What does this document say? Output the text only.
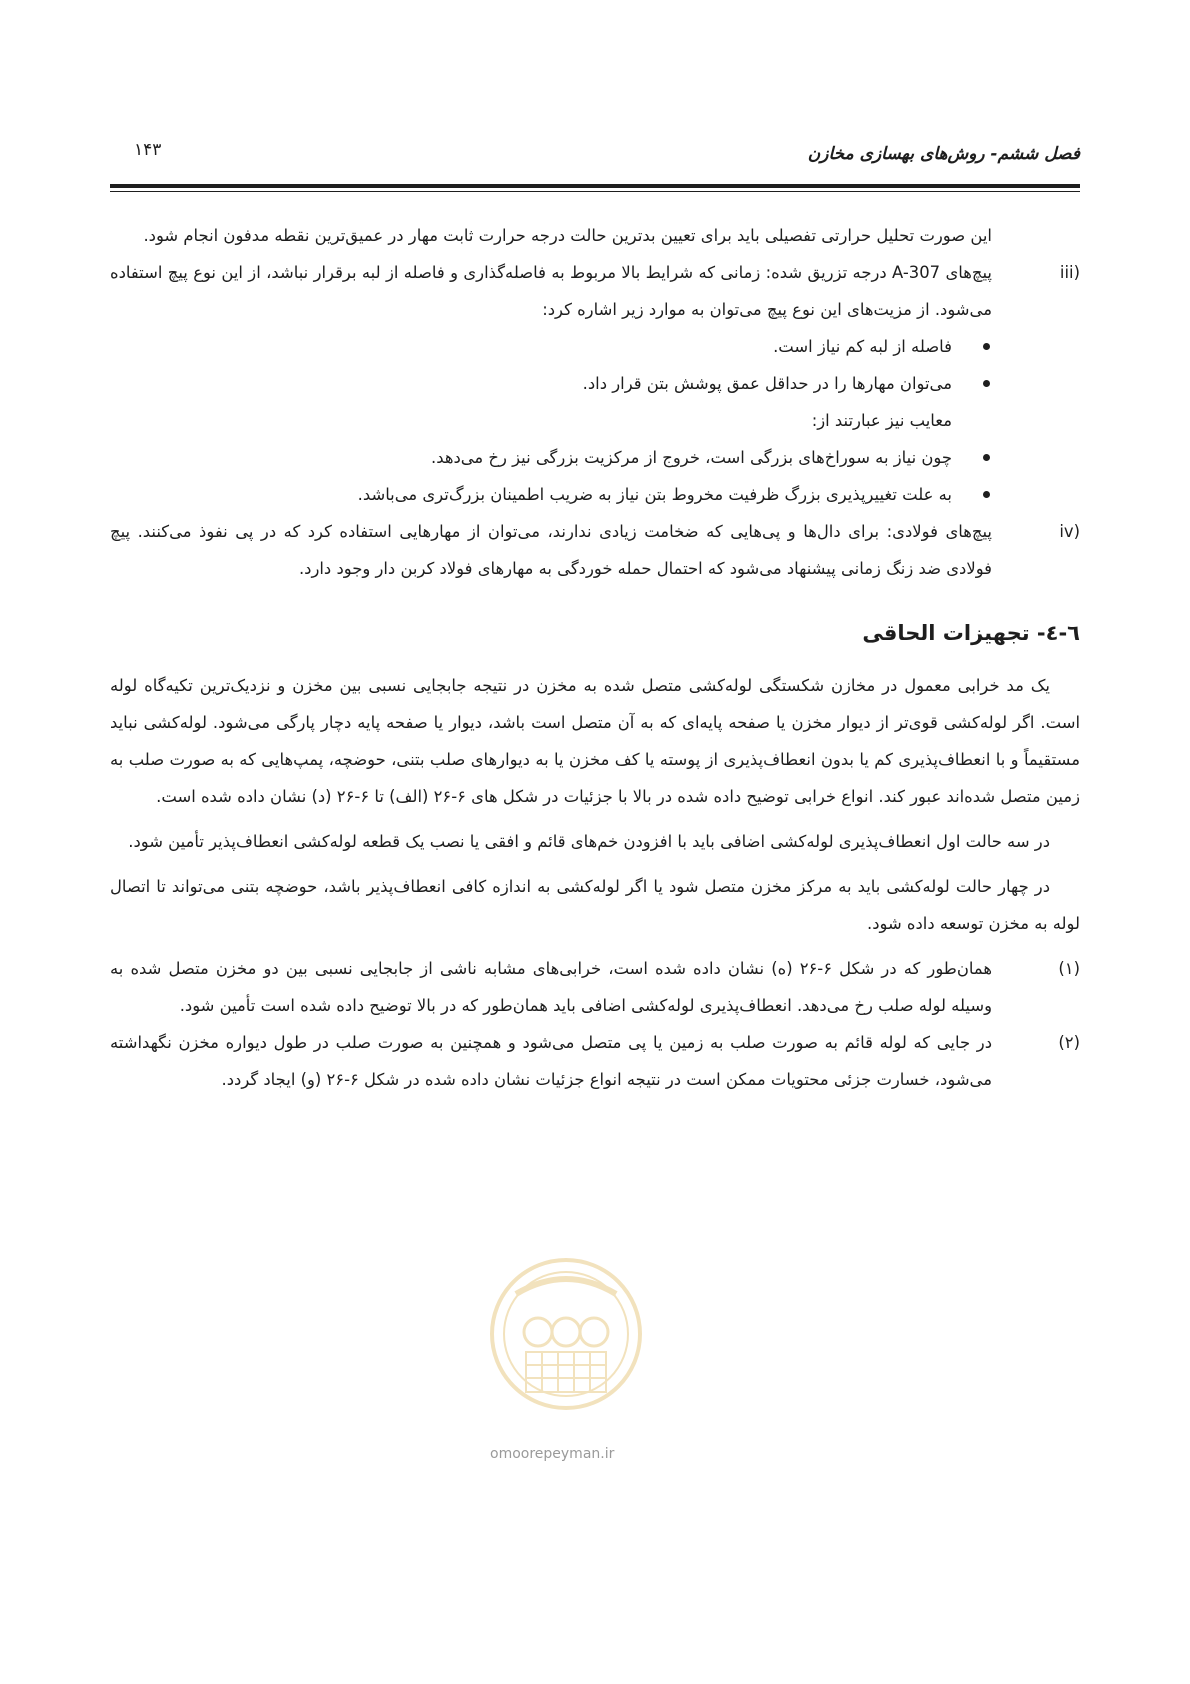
فصل ششم- روش‌های بهسازی مخازن
۱۴۳

این صورت تحلیل حرارتی تفصیلی باید برای تعیین بدترین حالت درجه حرارت ثابت مهار در عمیق‌ترین نقطه مدفون انجام شود.

(iiiپیچ‌های A-307 درجه تزریق شده: زمانی که شرایط بالا مربوط به فاصله‌گذاری و فاصله از لبه برقرار نباشد، از این نوع پیچ استفاده می‌شود. از مزیت‌های این نوع پیچ می‌توان به موارد زیر اشاره کرد:

فاصله از لبه کم نیاز است.
می‌توان مهارها را در حداقل عمق پوشش بتن قرار داد.

معایب نیز عبارتند از:

چون نیاز به سوراخ‌های بزرگی است، خروج از مرکزیت بزرگی نیز رخ می‌دهد.
به علت تغییرپذیری بزرگ ظرفیت مخروط بتن نیاز به ضریب اطمینان بزرگ‌تری می‌باشد.

(ivپیچ‌های فولادی: برای دال‌ها و پی‌هایی که ضخامت زیادی ندارند، می‌توان از مهارهایی استفاده کرد که در پی نفوذ می‌کنند. پیچ فولادی ضد زنگ زمانی پیشنهاد می‌شود که احتمال حمله خوردگی به مهارهای فولاد کربن دار وجود دارد.

٦-٤- تجهیزات الحاقی

یک مد خرابی معمول در مخازن شکستگی لوله‌کشی متصل شده به مخزن در نتیجه جابجایی نسبی بین مخزن و نزدیک‌ترین تکیه‌گاه لوله است. اگر لوله‌کشی قوی‌تر از دیوار مخزن یا صفحه پایه‌ای که به آن متصل است باشد، دیوار یا صفحه پایه دچار پارگی می‌شود. لوله‌کشی نباید مستقیماً و با انعطاف‌پذیری کم یا بدون انعطاف‌پذیری از پوسته یا کف مخزن یا به دیوارهای صلب بتنی، حوضچه، پمپ‌هایی که به صورت صلب به زمین متصل شده‌اند عبور کند. انواع خرابی توضیح داده شده در بالا با جزئیات در شکل های ۶-۲۶ (الف) تا ۶-۲۶ (د) نشان داده شده است.

در سه حالت اول انعطاف‌پذیری لوله‌کشی اضافی باید با افزودن خم‌های قائم و افقی یا نصب یک قطعه لوله‌کشی انعطاف‌پذیر تأمین شود.

در چهار حالت لوله‌کشی باید به مرکز مخزن متصل شود یا اگر لوله‌کشی به اندازه کافی انعطاف‌پذیر باشد، حوضچه بتنی می‌تواند تا اتصال لوله به مخزن توسعه داده شود.

(۱)همان‌طور که در شکل ۶-۲۶ (ه) نشان داده شده است، خرابی‌های مشابه ناشی از جابجایی نسبی بین دو مخزن متصل شده به وسیله لوله صلب رخ می‌دهد. انعطاف‌پذیری لوله‌کشی اضافی باید همان‌طور که در بالا توضیح داده شده است تأمین شود.

(۲)در جایی که لوله قائم به صورت صلب به زمین یا پی متصل می‌شود و همچنین به صورت صلب در طول دیواره مخزن نگهداشته می‌شود، خسارت جزئی محتویات ممکن است در نتیجه انواع جزئیات نشان داده شده در شکل ۶-۲۶ (و) ایجاد گردد.

omoorepeyman.ir
